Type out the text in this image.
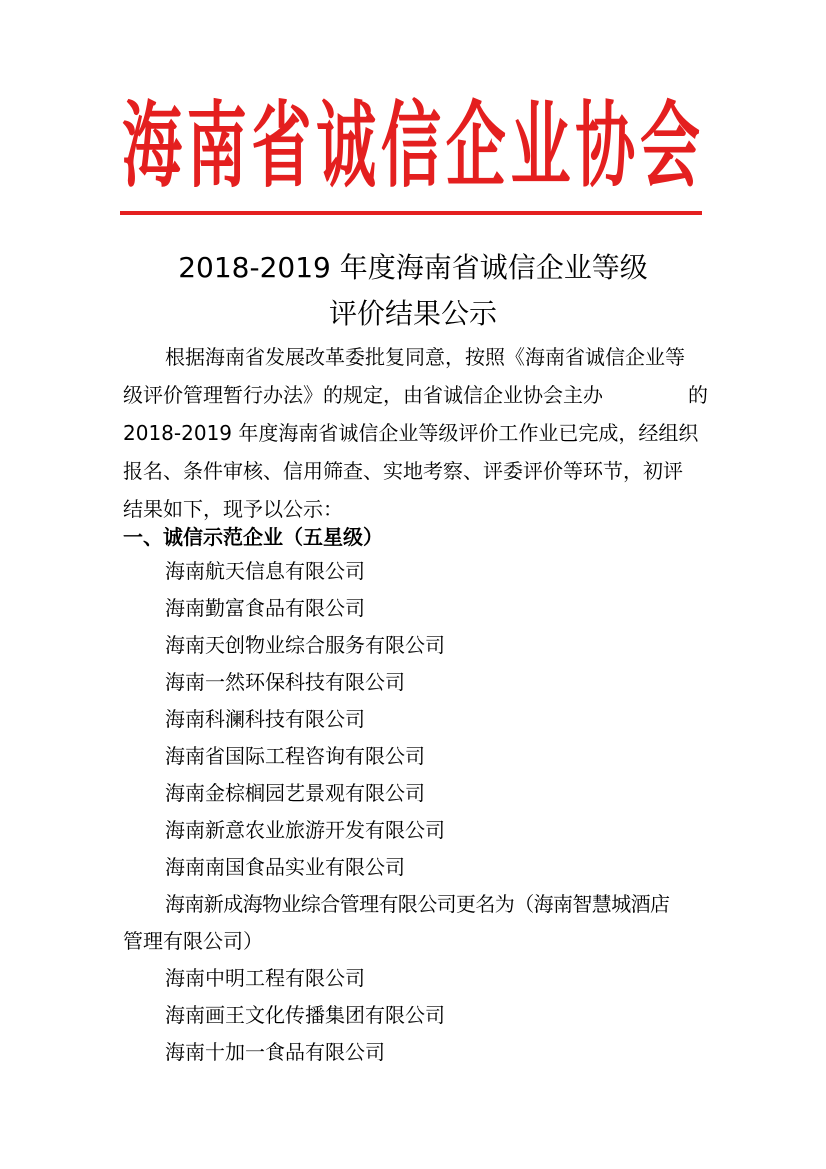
海 南 省 诚 信 企 业 协 会
2018-2019 年度海南省诚信企业等级
评价结果公示
根据海南省发展改革委批复同意，按照《海南省诚信企业等
级评价管理暂行办法》的规定，由省诚信企业协会主办	的
2018-2019 年度海南省诚信企业等级评价工作业已完成，经组织
报名、条件审核、信用筛查、实地考察、评委评价等环节，初评
结果如下，现予以公示：
一、诚信示范企业（五星级）
海南航天信息有限公司
海南勤富食品有限公司
海南天创物业综合服务有限公司
海南一然环保科技有限公司
海南科澜科技有限公司
海南省国际工程咨询有限公司
海南金棕榈园艺景观有限公司
海南新意农业旅游开发有限公司
海南南国食品实业有限公司
海南新成海物业综合管理有限公司更名为（海南智慧城酒店
管理有限公司）
海南中明工程有限公司
海南画王文化传播集团有限公司
海南十加一食品有限公司
